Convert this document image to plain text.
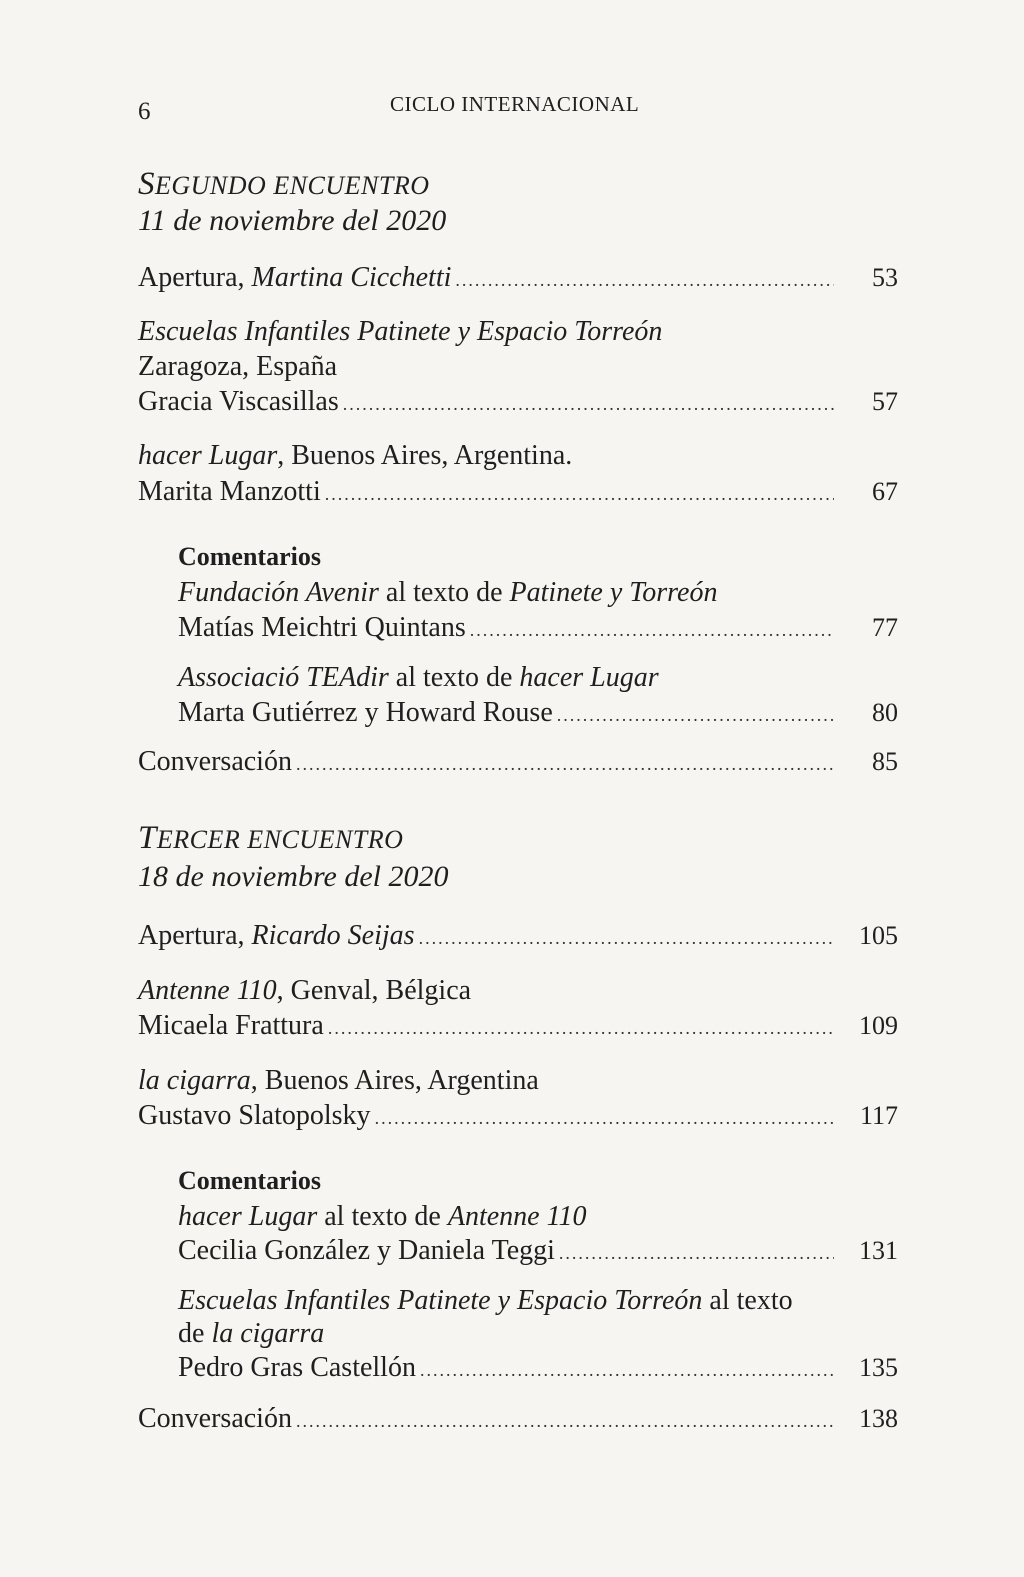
6	CICLO INTERNACIONAL
SEGUNDO ENCUENTRO
11 de noviembre del 2020
Apertura, Martina Cicchetti .....	53
Escuelas Infantiles Patinete y Espacio Torreón
Zaragoza, España
Gracia Viscasillas .....	57
hacer Lugar, Buenos Aires, Argentina.
Marita Manzotti .....	67
Comentarios
Fundación Avenir al texto de Patinete y Torreón
Matías Meichtri Quintans .....	77
Associació TEAdir al texto de hacer Lugar
Marta Gutiérrez y Howard Rouse .....	80
Conversación .....	85
TERCER ENCUENTRO
18 de noviembre del 2020
Apertura, Ricardo Seijas .....	105
Antenne 110, Genval, Bélgica
Micaela Frattura .....	109
la cigarra, Buenos Aires, Argentina
Gustavo Slatopolsky .....	117
Comentarios
hacer Lugar al texto de Antenne 110
Cecilia González y Daniela Teggi .....	131
Escuelas Infantiles Patinete y Espacio Torreón al texto
de la cigarra
Pedro Gras Castellón .....	135
Conversación .....	138
